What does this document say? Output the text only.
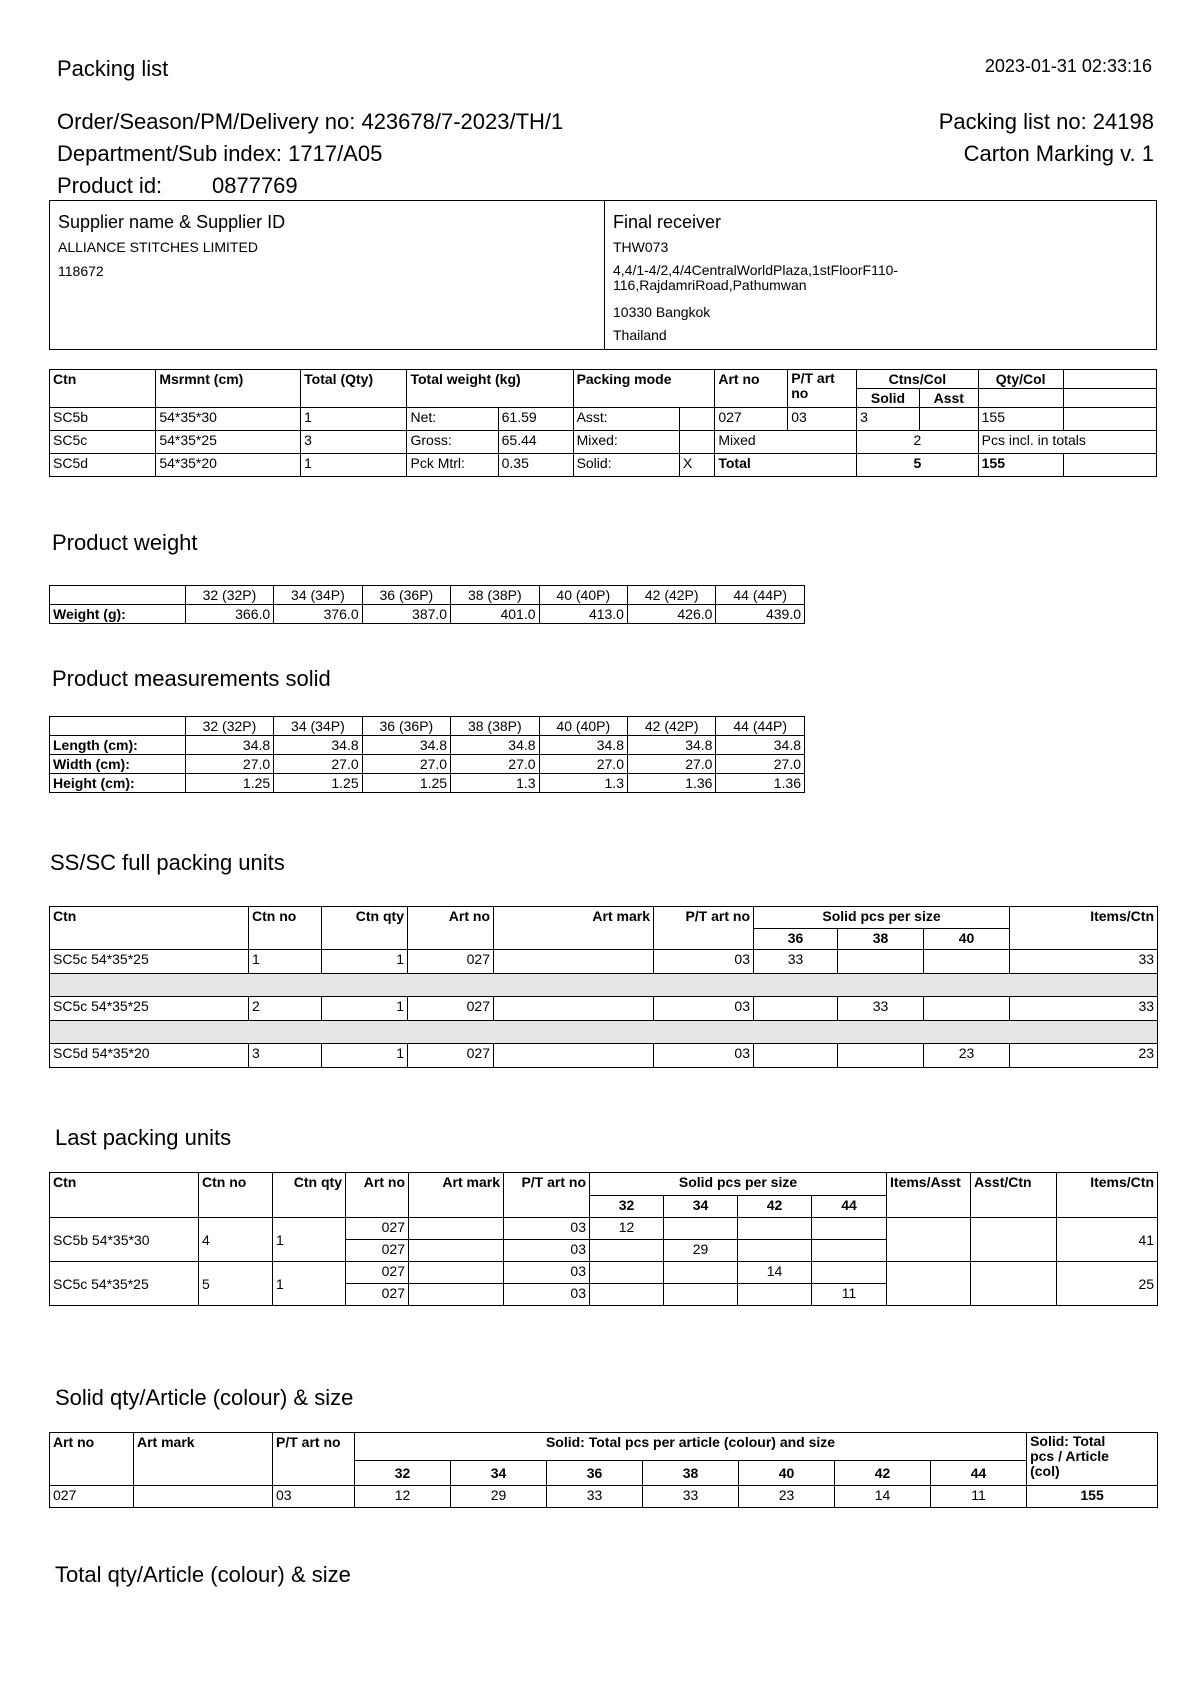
Packing list	2023-01-31 02:33:16
Order/Season/PM/Delivery no: 423678/7-2023/TH/1
Department/Sub index: 1717/A05
Product id: 0877769
Packing list no: 24198
Carton Marking v. 1
Supplier name & Supplier ID
ALLIANCE STITCHES LIMITED
118672
Final receiver
THW073
4,4/1-4/2,4/4CentralWorldPlaza,1stFloorF110-
116,RajdamriRoad,Pathumwan
10330 Bangkok
Thailand
Ctn	Msrmnt (cm)	Total (Qty)	Total weight (kg)		Packing mode		Art no	P/T art no	Ctns/Col		Qty/Col	
									Solid	Asst		
SC5b	54*35*30	1	Net:	61.59	Asst:		027	03	3		155	
SC5c	54*35*25	3	Gross:	65.44	Mixed:		Mixed		2		Pcs incl. in totals	
SC5d	54*35*20	1	Pck Mtrl:	0.35	Solid:	X	Total		5		155	
Product weight
	32 (32P)	34 (34P)	36 (36P)	38 (38P)	40 (40P)	42 (42P)	44 (44P)
Weight (g):	366.0	376.0	387.0	401.0	413.0	426.0	439.0
Product measurements solid
	32 (32P)	34 (34P)	36 (36P)	38 (38P)	40 (40P)	42 (42P)	44 (44P)
Length (cm):	34.8	34.8	34.8	34.8	34.8	34.8	34.8
Width (cm):	27.0	27.0	27.0	27.0	27.0	27.0	27.0
Height (cm):	1.25	1.25	1.25	1.3	1.3	1.36	1.36
SS/SC full packing units
Ctn	Ctn no	Ctn qty	Art no	Art mark	P/T art no	Solid pcs per size			Items/Ctn
						36	38	40	
SC5c 54*35*25	1	1	027		03	33			33

SC5c 54*35*25	2	1	027		03		33		33

SC5d 54*35*20	3	1	027		03			23	23
Last packing units
Ctn	Ctn no	Ctn qty	Art no	Art mark	P/T art no	Solid pcs per size				Items/Asst	Asst/Ctn	Items/Ctn
						32	34	42	44			
SC5b 54*35*30	4	1	027		03	12						41
			027		03		29					
SC5c 54*35*25	5	1	027		03			14				25
			027		03				11			
Solid qty/Article (colour) & size
Art no	Art mark	P/T art no	Solid: Total pcs per article (colour) and size							Solid: Total
pcs / Article
(col)

			32	34	36	38	40	42	44	
027		03	12	29	33	33	23	14	11	155
Total qty/Article (colour) & size
